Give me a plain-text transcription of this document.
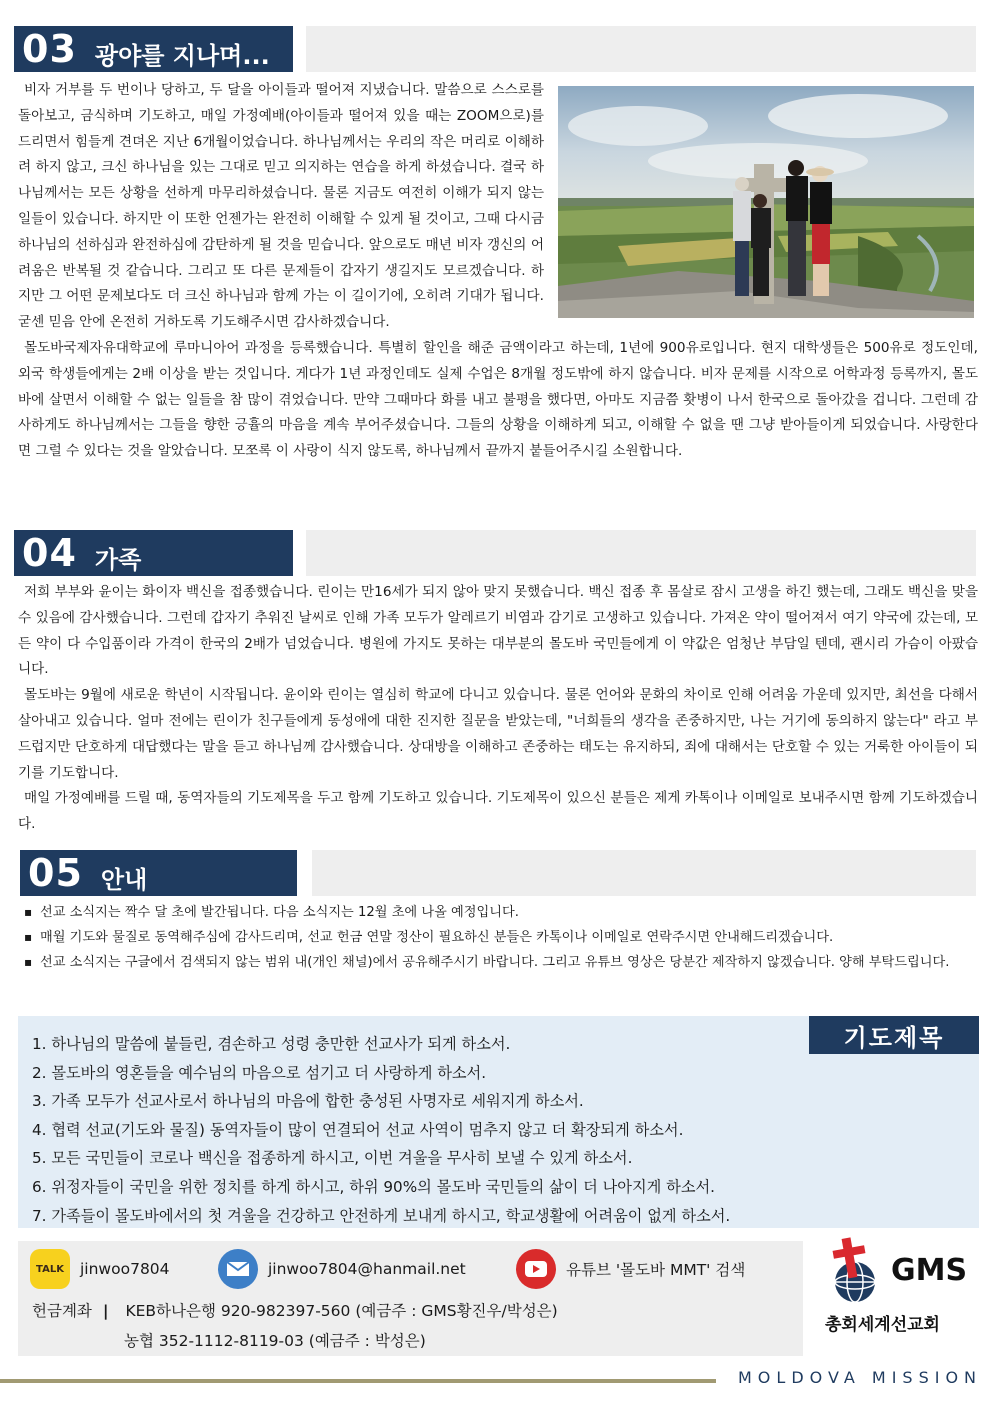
03 광야를 지나며...

비자 거부를 두 번이나 당하고, 두 달을 아이들과 떨어져 지냈습니다. 말씀으로 스스로를 돌아보고, 금식하며 기도하고, 매일 가정예배(아이들과 떨어져 있을 때는 ZOOM으로)를 드리면서 힘들게 견뎌온 지난 6개월이었습니다. 하나님께서는 우리의 작은 머리로 이해하려 하지 않고, 크신 하나님을 있는 그대로 믿고 의지하는 연습을 하게 하셨습니다. 결국 하나님께서는 모든 상황을 선하게 마무리하셨습니다. 물론 지금도 여전히 이해가 되지 않는 일들이 있습니다. 하지만 이 또한 언젠가는 완전히 이해할 수 있게 될 것이고, 그때 다시금 하나님의 선하심과 완전하심에 감탄하게 될 것을 믿습니다. 앞으로도 매년 비자 갱신의 어려움은 반복될 것 같습니다. 그리고 또 다른 문제들이 갑자기 생길지도 모르겠습니다. 하지만 그 어떤 문제보다도 더 크신 하나님과 함께 가는 이 길이기에, 오히려 기대가 됩니다. 굳센 믿음 안에 온전히 거하도록 기도해주시면 감사하겠습니다.

몰도바국제자유대학교에 루마니아어 과정을 등록했습니다. 특별히 할인을 해준 금액이라고 하는데, 1년에 900유로입니다. 현지 대학생들은 500유로 정도인데, 외국 학생들에게는 2배 이상을 받는 것입니다. 게다가 1년 과정인데도 실제 수업은 8개월 정도밖에 하지 않습니다. 비자 문제를 시작으로 어학과정 등록까지, 몰도바에 살면서 이해할 수 없는 일들을 참 많이 겪었습니다. 만약 그때마다 화를 내고 불평을 했다면, 아마도 지금쯤 홧병이 나서 한국으로 돌아갔을 겁니다. 그런데 감사하게도 하나님께서는 그들을 향한 긍휼의 마음을 계속 부어주셨습니다. 그들의 상황을 이해하게 되고, 이해할 수 없을 땐 그냥 받아들이게 되었습니다. 사랑한다면 그럴 수 있다는 것을 알았습니다. 모쪼록 이 사랑이 식지 않도록, 하나님께서 끝까지 붙들어주시길 소원합니다.

04 가족

저희 부부와 윤이는 화이자 백신을 접종했습니다. 린이는 만16세가 되지 않아 맞지 못했습니다. 백신 접종 후 몸살로 잠시 고생을 하긴 했는데, 그래도 백신을 맞을 수 있음에 감사했습니다. 그런데 갑자기 추워진 날씨로 인해 가족 모두가 알레르기 비염과 감기로 고생하고 있습니다. 가져온 약이 떨어져서 여기 약국에 갔는데, 모든 약이 다 수입품이라 가격이 한국의 2배가 넘었습니다. 병원에 가지도 못하는 대부분의 몰도바 국민들에게 이 약값은 엄청난 부담일 텐데, 괜시리 가슴이 아팠습니다.

몰도바는 9월에 새로운 학년이 시작됩니다. 윤이와 린이는 열심히 학교에 다니고 있습니다. 물론 언어와 문화의 차이로 인해 어려움 가운데 있지만, 최선을 다해서 살아내고 있습니다. 얼마 전에는 린이가 친구들에게 동성애에 대한 진지한 질문을 받았는데, "너희들의 생각을 존중하지만, 나는 거기에 동의하지 않는다" 라고 부드럽지만 단호하게 대답했다는 말을 듣고 하나님께 감사했습니다. 상대방을 이해하고 존중하는 태도는 유지하되, 죄에 대해서는 단호할 수 있는 거룩한 아이들이 되기를 기도합니다.

매일 가정예배를 드릴 때, 동역자들의 기도제목을 두고 함께 기도하고 있습니다. 기도제목이 있으신 분들은 제게 카톡이나 이메일로 보내주시면 함께 기도하겠습니다.

05 안내
▪ 선교 소식지는 짝수 달 초에 발간됩니다. 다음 소식지는 12월 초에 나올 예정입니다.
▪ 매월 기도와 물질로 동역해주심에 감사드리며, 선교 헌금 연말 정산이 필요하신 분들은 카톡이나 이메일로 연락주시면 안내해드리겠습니다.
▪ 선교 소식지는 구글에서 검색되지 않는 범위 내(개인 채널)에서 공유해주시기 바랍니다. 그리고 유튜브 영상은 당분간 제작하지 않겠습니다. 양해 부탁드립니다.
기도제목
1. 하나님의 말씀에 붙들린, 겸손하고 성령 충만한 선교사가 되게 하소서.
2. 몰도바의 영혼들을 예수님의 마음으로 섬기고 더 사랑하게 하소서.
3. 가족 모두가 선교사로서 하나님의 마음에 합한 충성된 사명자로 세워지게 하소서.
4. 협력 선교(기도와 물질) 동역자들이 많이 연결되어 선교 사역이 멈추지 않고 더 확장되게 하소서.
5. 모든 국민들이 코로나 백신을 접종하게 하시고, 이번 겨울을 무사히 보낼 수 있게 하소서.
6. 위정자들이 국민을 위한 정치를 하게 하시고, 하위 90%의 몰도바 국민들의 삶이 더 나아지게 하소서.
7. 가족들이 몰도바에서의 첫 겨울을 건강하고 안전하게 보내게 하시고, 학교생활에 어려움이 없게 하소서.
TALK jinwoo7804	jinwoo7804@hanmail.net	유튜브 '몰도바 MMT' 검색
헌금계좌 | KEB하나은행 920-982397-560 (예금주 : GMS황진우/박성은)
농협 352-1112-8119-03 (예금주 : 박성은)
GMS
총회세계선교회
MOLDOVA MISSION
